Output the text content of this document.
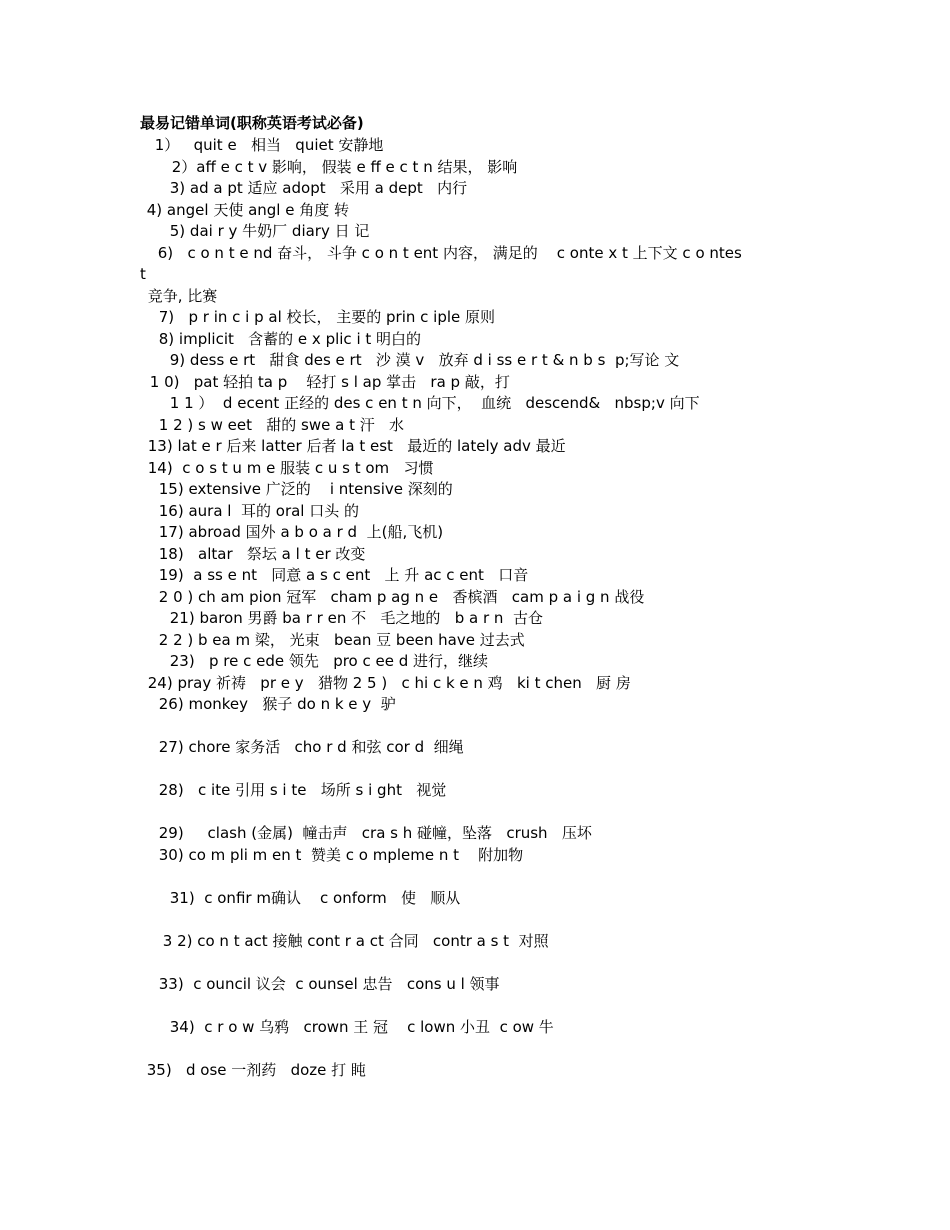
最易记错单词(职称英语考试必备)
1）   quit e   相当   quiet 安静地
2）aff e c t v 影响， 假装 e ff e c t n 结果， 影响
3) ad a pt 适应 adopt   采用 a dept   内行
4) angel 天使 angl e 角度 转
5) dai r y 牛奶厂 diary 日 记
6)   c o n t e nd 奋斗， 斗争 c o n t ent 内容， 满足的    c onte x t 上下文 c o ntes
t
竞争, 比赛
7)   p r in c i p al 校长， 主要的 prin c iple 原则
8) implicit   含蓄的 e x plic i t 明白的
9) dess e rt   甜食 des e rt   沙 漠 v   放弃 d i ss e r t & n b s  p;写论 文
1 0)   pat 轻拍 ta p    轻打 s l ap 掌击   ra p 敲，打
1 1 ）  d ecent 正经的 des c en t n 向下，  血统   descend&   nbsp;v 向下
1 2 ) s w eet   甜的 swe a t 汗   水
13) lat e r 后来 latter 后者 la t est   最近的 lately adv 最近
14)  c o s t u m e 服装 c u s t om   习惯
15) extensive 广泛的    i ntensive 深刻的
16) aura l  耳的 oral 口头 的
17) abroad 国外 a b o a r d  上(船,飞机)
18)   altar   祭坛 a l t er 改变
19)  a ss e nt   同意 a s c ent   上 升 ac c ent   口音
2 0 ) ch am pion 冠军   cham p ag n e   香槟酒   cam p a i g n 战役
21) baron 男爵 ba r r en 不   毛之地的   b a r n  古仓
2 2 ) b ea m 梁， 光束   bean 豆 been have 过去式
23)   p re c ede 领先   pro c ee d 进行，继续
24) pray 祈祷   pr e y   猎物 2 5 )   c hi c k e n 鸡   ki t chen   厨 房
26) monkey   猴子 do n k e y  驴
27) chore 家务活   cho r d 和弦 cor d  细绳
28)   c ite 引用 s i te   场所 s i ght   视觉
29)     clash (金属)  幢击声   cra s h 碰幢，坠落   crush   压坏
30) co m pli m en t  赞美 c o mpleme n t    附加物
31)  c onfir m确认    c onform   使   顺从
3 2) co n t act 接触 cont r a ct 合同   contr a s t  对照
33)  c ouncil 议会  c ounsel 忠告   cons u l 领事
34)  c r o w 乌鸦   crown 王 冠    c lown 小丑  c ow 牛
35)   d ose 一剂药   doze 打 盹
